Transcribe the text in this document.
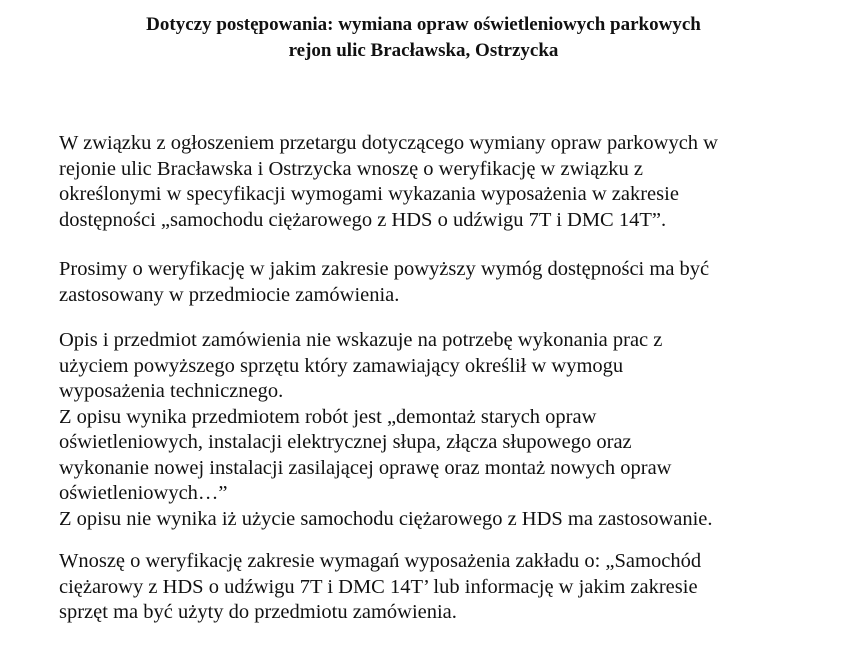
Dotyczy postępowania: wymiana opraw oświetleniowych parkowych
rejon ulic Bracławska, Ostrzycka
W związku z ogłoszeniem przetargu dotyczącego wymiany opraw parkowych w
rejonie ulic Bracławska i Ostrzycka wnoszę o weryfikację w związku z
określonymi w specyfikacji wymogami wykazania wyposażenia w zakresie
dostępności „samochodu ciężarowego z HDS o udźwigu 7T i DMC 14T”.
Prosimy o weryfikację w jakim zakresie powyższy wymóg dostępności ma być
zastosowany w przedmiocie zamówienia.
Opis i przedmiot zamówienia nie wskazuje na potrzebę wykonania prac z
użyciem powyższego sprzętu który zamawiający określił w wymogu
wyposażenia technicznego.
Z opisu wynika przedmiotem robót jest „demontaż starych opraw
oświetleniowych, instalacji elektrycznej słupa, złącza słupowego oraz
wykonanie nowej instalacji zasilającej oprawę oraz montaż nowych opraw
oświetleniowych…”
Z opisu nie wynika iż użycie samochodu ciężarowego z HDS ma zastosowanie.
Wnoszę o weryfikację zakresie wymagań wyposażenia zakładu o: „Samochód
ciężarowy z HDS o udźwigu 7T i DMC 14T’ lub informację w jakim zakresie
sprzęt ma być użyty do przedmiotu zamówienia.
